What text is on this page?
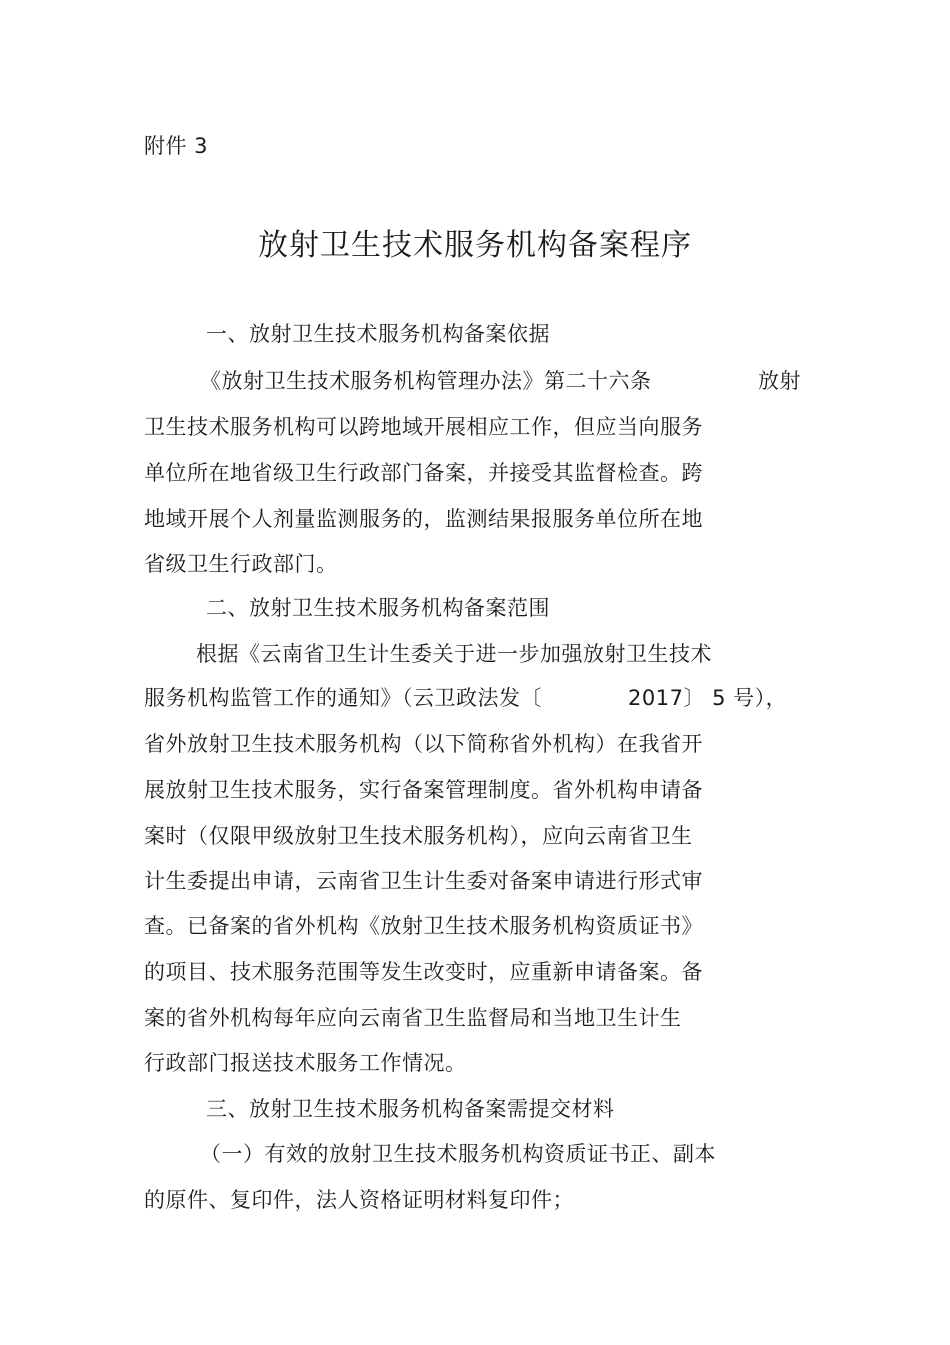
附件 3
放射卫生技术服务机构备案程序
一、放射卫生技术服务机构备案依据
《放射卫生技术服务机构管理办法》第二十六条	放射
卫生技术服务机构可以跨地域开展相应工作，但应当向服务
单位所在地省级卫生行政部门备案，并接受其监督检查。跨
地域开展个人剂量监测服务的，监测结果报服务单位所在地
省级卫生行政部门。
二、放射卫生技术服务机构备案范围
根据《云南省卫生计生委关于进一步加强放射卫生技术
服务机构监管工作的通知》（云卫政法发〔	2017〕 5 号），
省外放射卫生技术服务机构（以下简称省外机构）在我省开
展放射卫生技术服务，实行备案管理制度。省外机构申请备
案时（仅限甲级放射卫生技术服务机构），应向云南省卫生
计生委提出申请，云南省卫生计生委对备案申请进行形式审
查。已备案的省外机构《放射卫生技术服务机构资质证书》
的项目、技术服务范围等发生改变时，应重新申请备案。备
案的省外机构每年应向云南省卫生监督局和当地卫生计生
行政部门报送技术服务工作情况。
三、放射卫生技术服务机构备案需提交材料
（一）有效的放射卫生技术服务机构资质证书正、副本
的原件、复印件，法人资格证明材料复印件；
